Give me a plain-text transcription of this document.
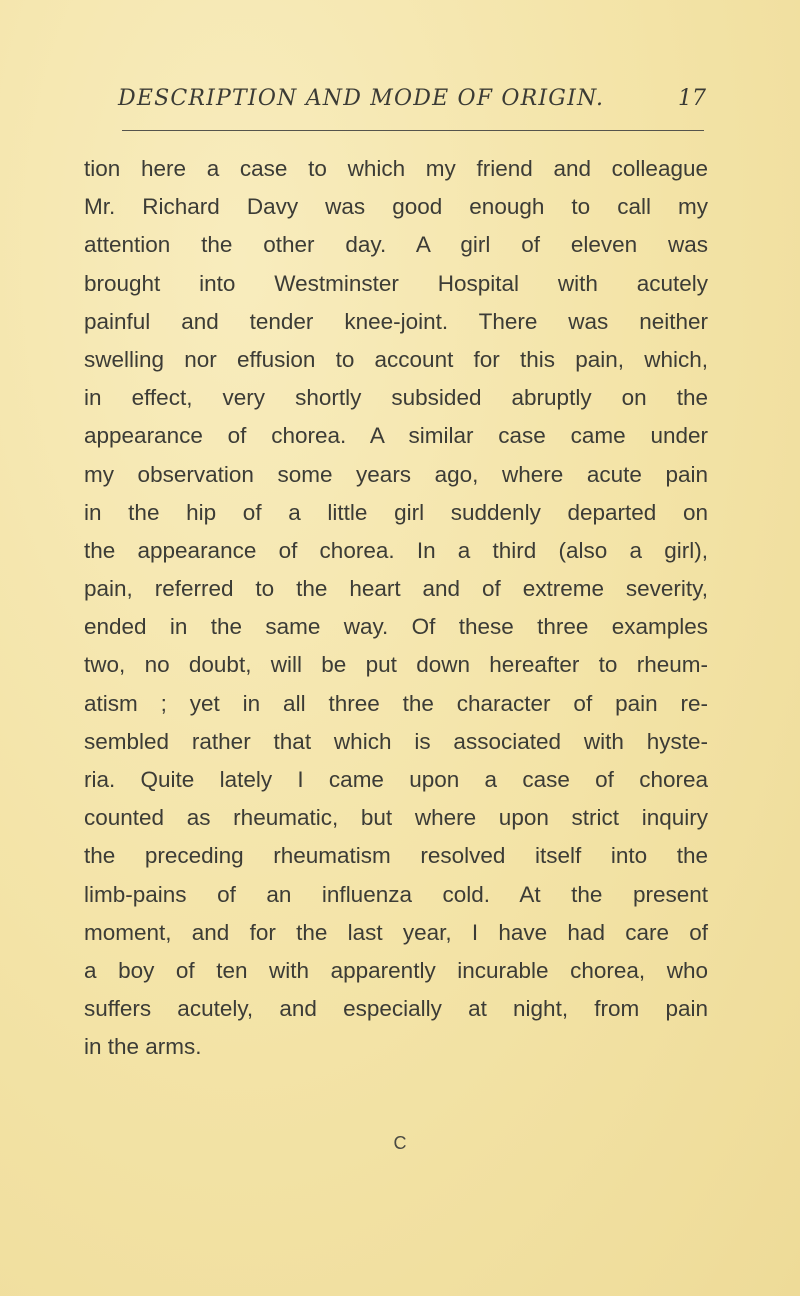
DESCRIPTION AND MODE OF ORIGIN.	17
tion here a case to which my friend and colleague
Mr. Richard Davy was good enough to call my
attention the other day. A girl of eleven was
brought into Westminster Hospital with acutely
painful and tender knee-joint. There was neither
swelling nor effusion to account for this pain, which,
in effect, very shortly subsided abruptly on the
appearance of chorea. A similar case came under
my observation some years ago, where acute pain
in the hip of a little girl suddenly departed on
the appearance of chorea. In a third (also a girl),
pain, referred to the heart and of extreme severity,
ended in the same way. Of these three examples
two, no doubt, will be put down hereafter to rheum-
atism ; yet in all three the character of pain re-
sembled rather that which is associated with hyste-
ria. Quite lately I came upon a case of chorea
counted as rheumatic, but where upon strict inquiry
the preceding rheumatism resolved itself into the
limb-pains of an influenza cold. At the present
moment, and for the last year, I have had care of
a boy of ten with apparently incurable chorea, who
suffers acutely, and especially at night, from pain
in the arms.
C
